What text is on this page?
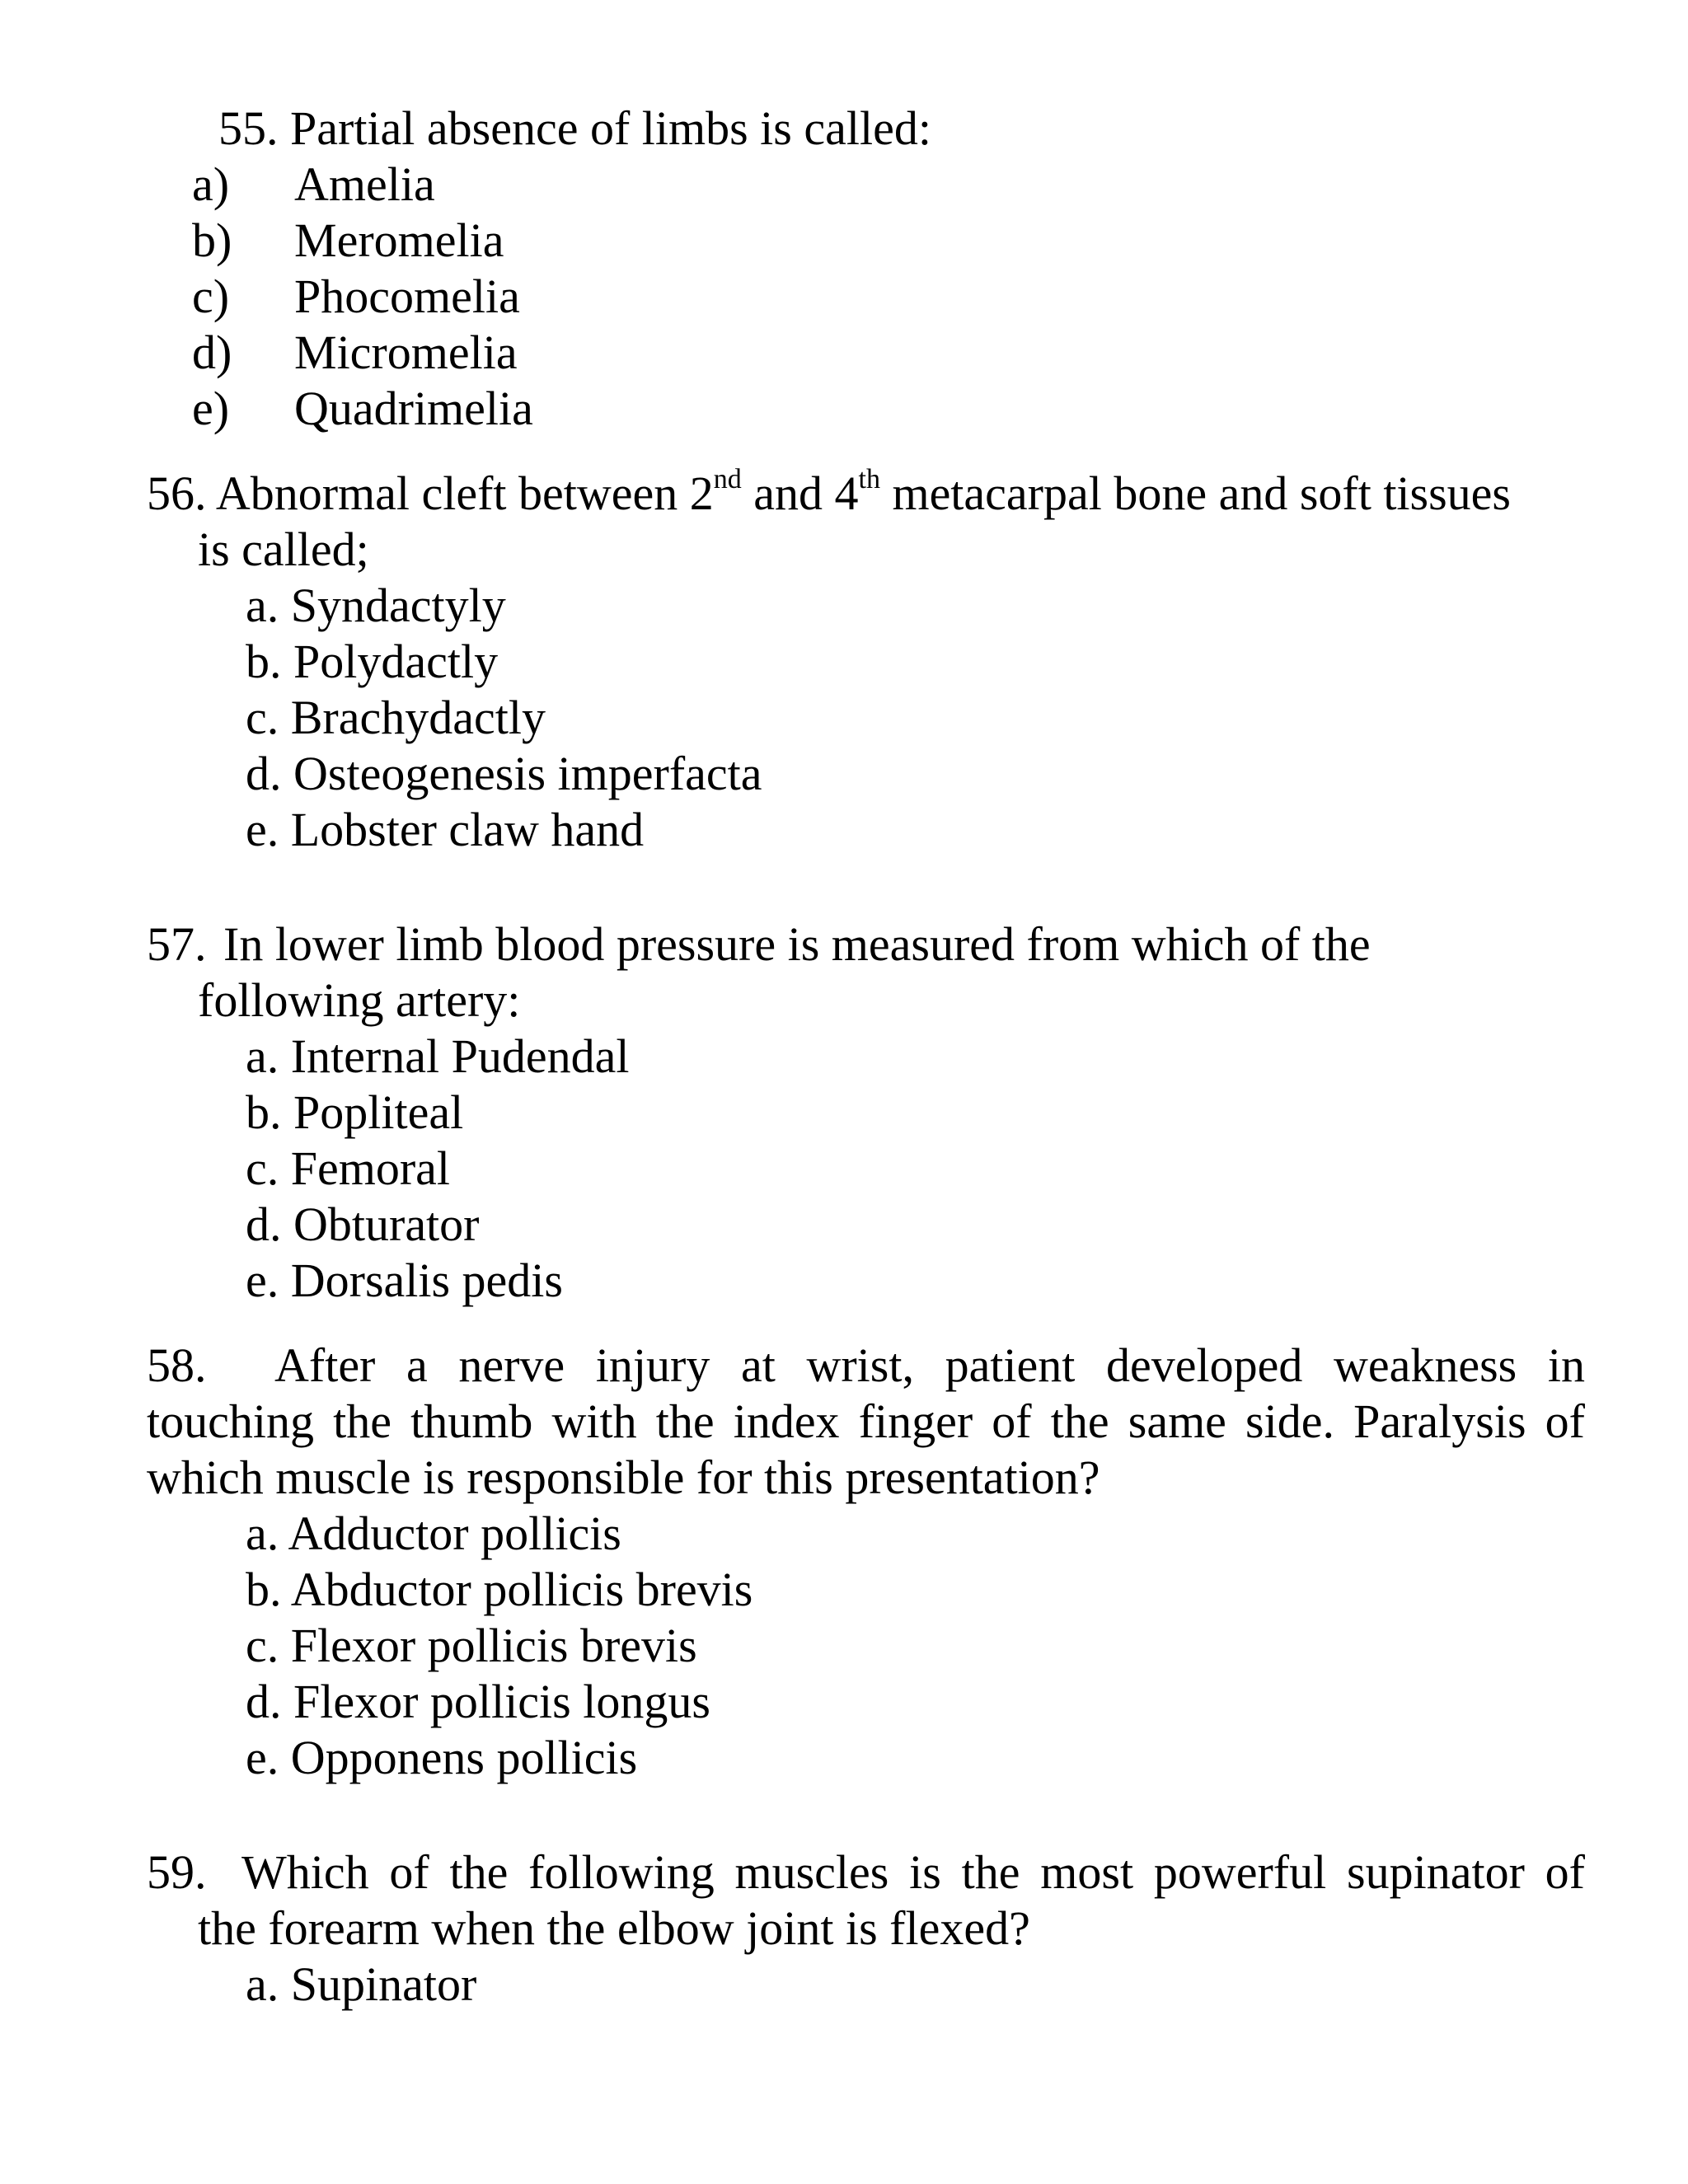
55. Partial absence of limbs is called:
a) Amelia
b) Meromelia
c) Phocomelia
d) Micromelia
e) Quadrimelia
56. Abnormal cleft between 2nd and 4th metacarpal bone and soft tissues
is called;
a. Syndactyly
b. Polydactly
c. Brachydactly
d. Osteogenesis imperfacta
e. Lobster claw hand
57. In lower limb blood pressure is measured from which of the
following artery:
a. Internal Pudendal
b. Popliteal
c. Femoral
d. Obturator
e. Dorsalis pedis
58. After a nerve injury at wrist, patient developed weakness in
touching the thumb with the index finger of the same side. Paralysis of
which muscle is responsible for this presentation?
a. Adductor pollicis
b. Abductor pollicis brevis
c. Flexor pollicis brevis
d. Flexor pollicis longus
e. Opponens pollicis
59. Which of the following muscles is the most powerful supinator of
the forearm when the elbow joint is flexed?
a. Supinator
